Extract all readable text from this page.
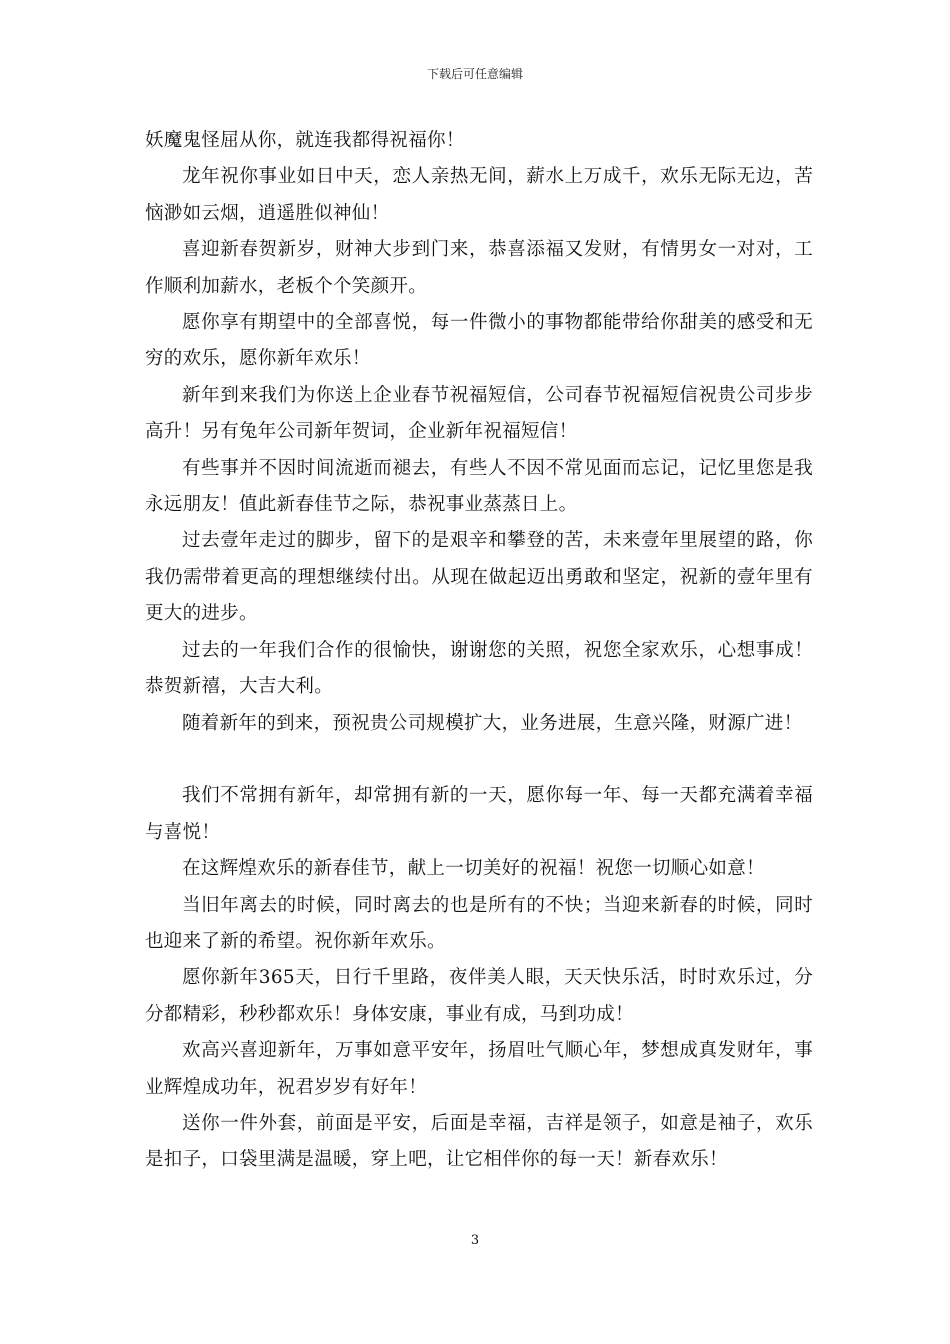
下载后可任意编辑

妖魔鬼怪屈从你，就连我都得祝福你！

龙年祝你事业如日中天，恋人亲热无间，薪水上万成千，欢乐无际无边，苦恼渺如云烟，逍遥胜似神仙！

喜迎新春贺新岁，财神大步到门来，恭喜添福又发财，有情男女一对对，工作顺利加薪水，老板个个笑颜开。

愿你享有期望中的全部喜悦，每一件微小的事物都能带给你甜美的感受和无穷的欢乐，愿你新年欢乐！

新年到来我们为你送上企业春节祝福短信，公司春节祝福短信祝贵公司步步高升！另有兔年公司新年贺词，企业新年祝福短信！

有些事并不因时间流逝而褪去，有些人不因不常见面而忘记，记忆里您是我永远朋友！值此新春佳节之际，恭祝事业蒸蒸日上。

过去壹年走过的脚步，留下的是艰辛和攀登的苦，未来壹年里展望的路，你我仍需带着更高的理想继续付出。从现在做起迈出勇敢和坚定，祝新的壹年里有更大的进步。

过去的一年我们合作的很愉快，谢谢您的关照，祝您全家欢乐，心想事成！恭贺新禧，大吉大利。

随着新年的到来，预祝贵公司规模扩大，业务进展，生意兴隆，财源广进！

我们不常拥有新年，却常拥有新的一天，愿你每一年、每一天都充满着幸福与喜悦！

在这辉煌欢乐的新春佳节，献上一切美好的祝福！祝您一切顺心如意！

当旧年离去的时候，同时离去的也是所有的不快；当迎来新春的时候，同时也迎来了新的希望。祝你新年欢乐。

愿你新年365天，日行千里路，夜伴美人眼，天天快乐活，时时欢乐过，分分都精彩，秒秒都欢乐！身体安康，事业有成，马到功成！

欢高兴喜迎新年，万事如意平安年，扬眉吐气顺心年，梦想成真发财年，事业辉煌成功年，祝君岁岁有好年！

送你一件外套，前面是平安，后面是幸福，吉祥是领子，如意是袖子，欢乐是扣子，口袋里满是温暖，穿上吧，让它相伴你的每一天！新春欢乐！

3
